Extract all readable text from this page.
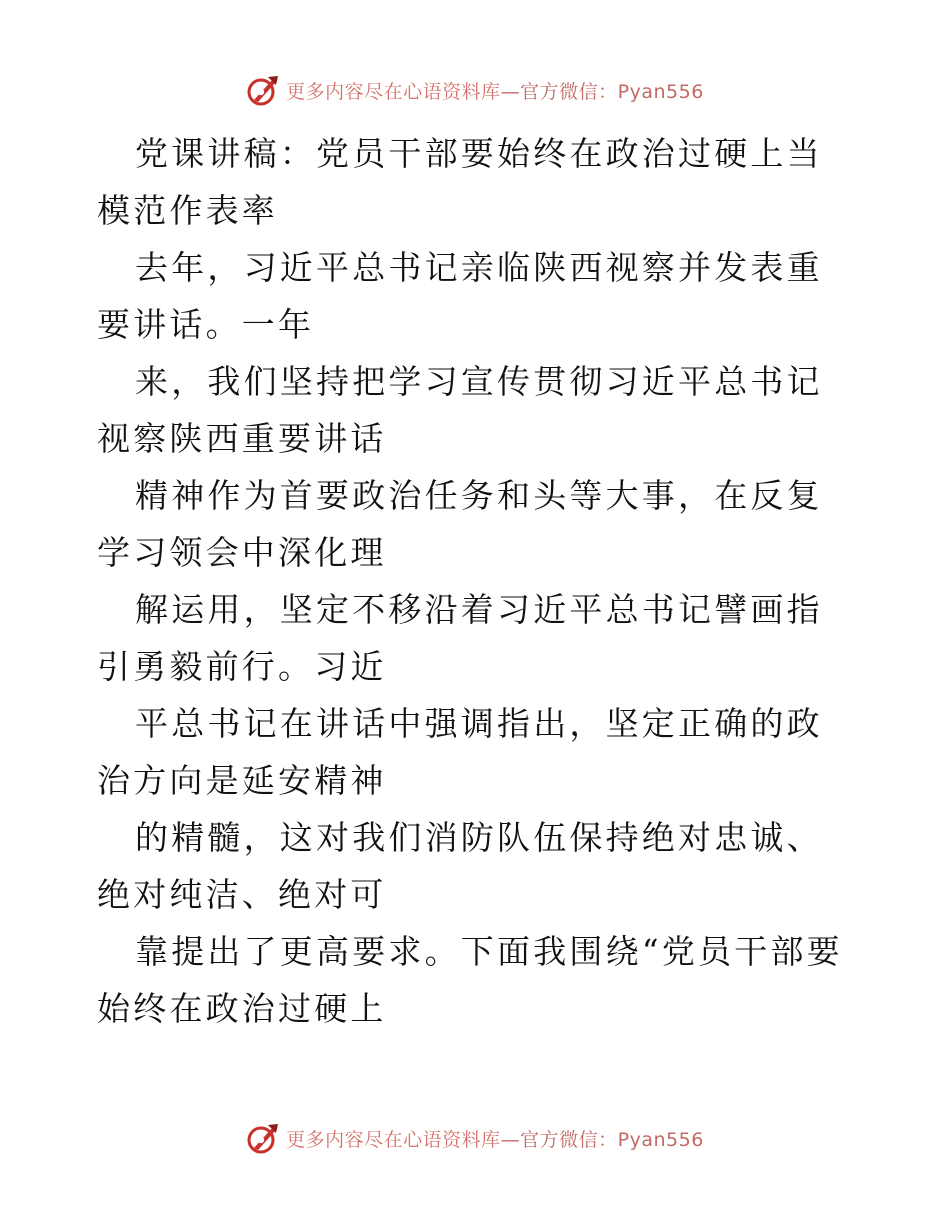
更多内容尽在心语资料库—官方微信：Pyan556

党课讲稿：党员干部要始终在政治过硬上当模范作表率

去年，习近平总书记亲临陕西视察并发表重要讲话。一年

来，我们坚持把学习宣传贯彻习近平总书记视察陕西重要讲话

精神作为首要政治任务和头等大事，在反复学习领会中深化理

解运用，坚定不移沿着习近平总书记譬画指引勇毅前行。习近

平总书记在讲话中强调指出，坚定正确的政治方向是延安精神

的精髓，这对我们消防队伍保持绝对忠诚、绝对纯洁、绝对可

靠提出了更高要求。下面我围绕“党员干部要始终在政治过硬上

更多内容尽在心语资料库—官方微信：Pyan556
